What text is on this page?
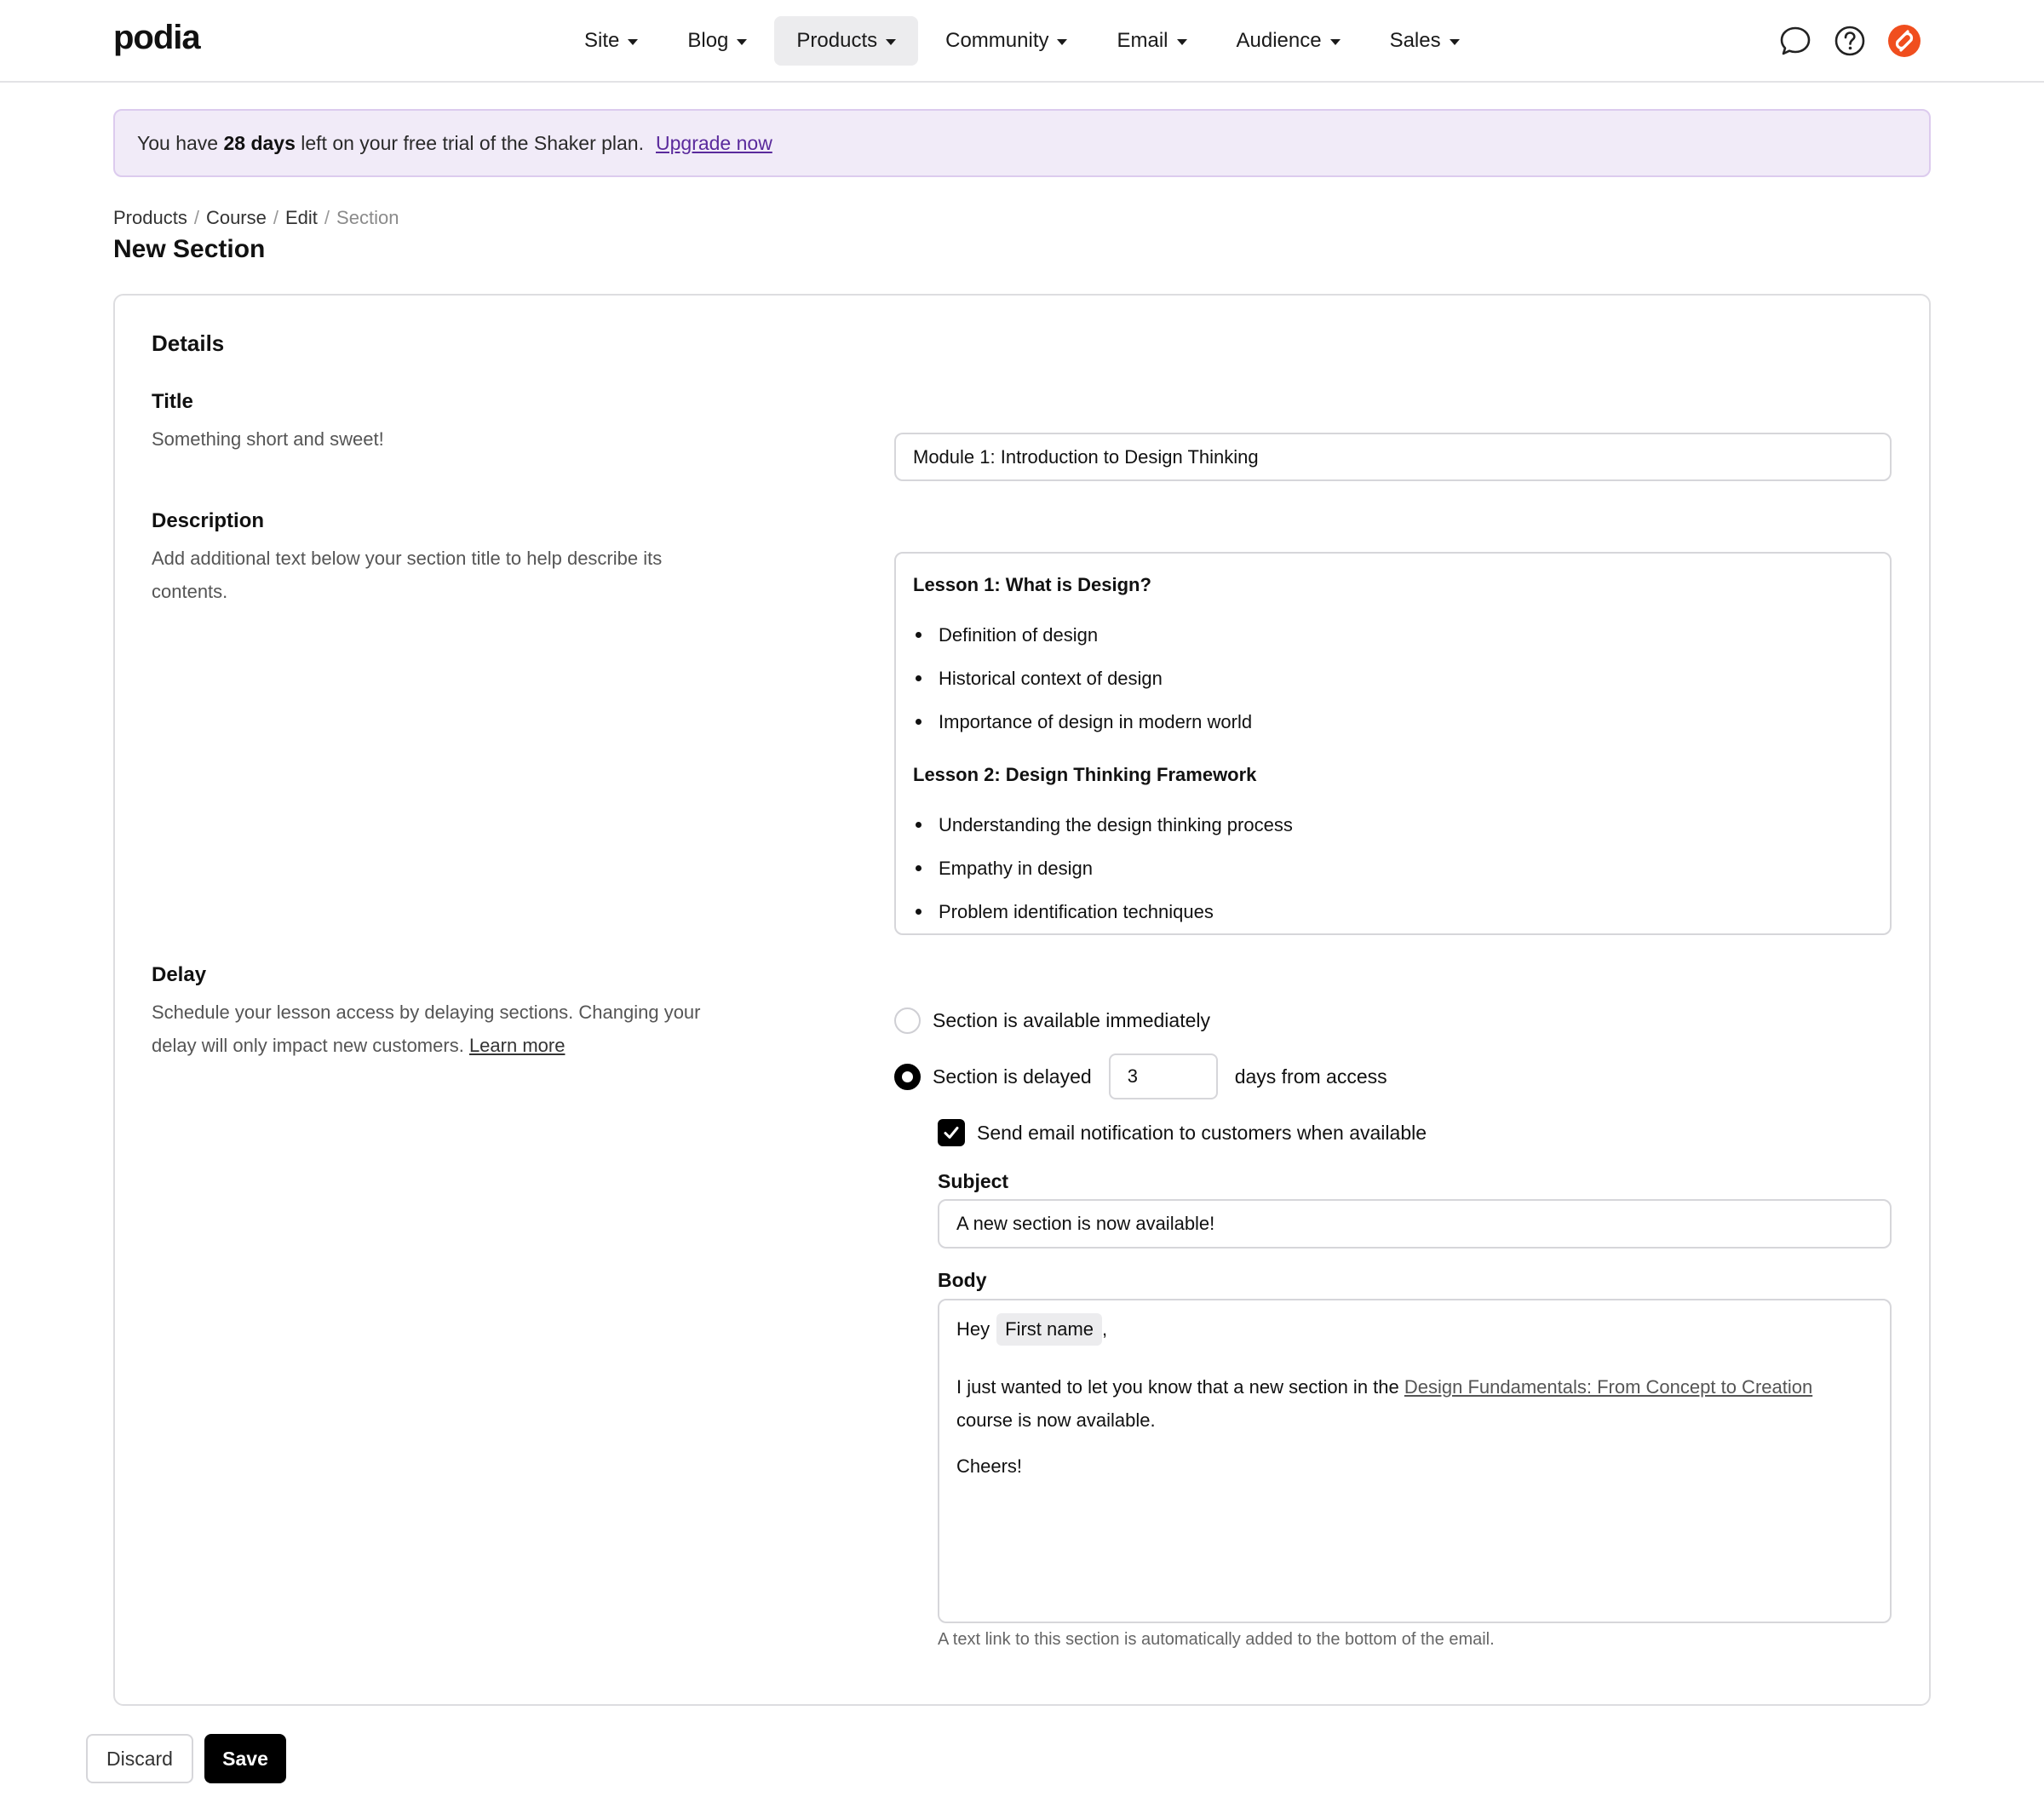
podia	Site	Blog	Products	Community	Email	Audience	Sales
You have
28 days
left on your free trial of the Shaker plan. Upgrade now
Products / Course / Edit / Section
New Section
Details
Title
Something short and sweet!
Module 1: Introduction to Design Thinking
Description
Add additional text below your section title to help describe its contents.	Lesson 1: What is Design?
Definition of design
Historical context of design
Importance of design in modern world
Lesson 2: Design Thinking Framework
Understanding the design thinking process
Empathy in design
Problem identification techniques
Delay
Schedule your lesson access by delaying sections. Changing your delay will only impact new customers. Learn more
Section is available immediately
Section is delayed	3	days from access
Send email notification to customers when available
Subject
A new section is now available!
Body
Hey First name ,
I just wanted to let you know that a new section in the Design Fundamentals: From Concept to Creation course is now available.
Cheers!
A text link to this section is automatically added to the bottom of the email.
Discard	Save
